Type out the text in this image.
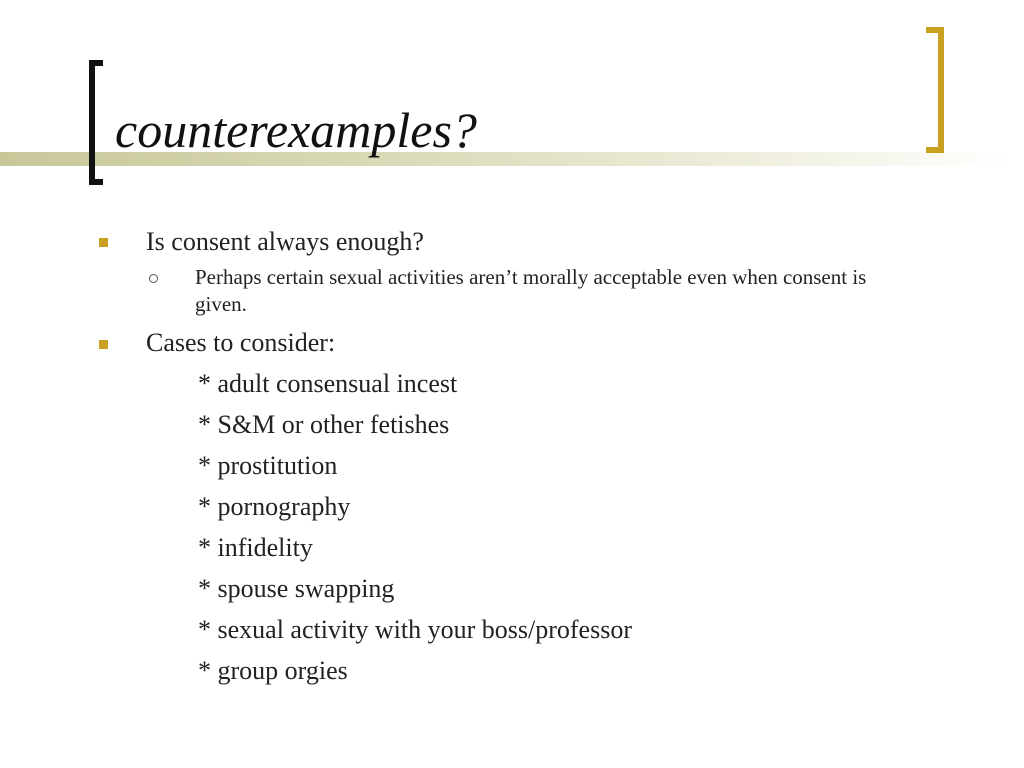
counterexamples?
Is consent always enough?
Perhaps certain sexual activities aren’t morally acceptable even when consent is given.
Cases to consider:
* adult consensual incest
* S&M or other fetishes
* prostitution
* pornography
* infidelity
* spouse swapping
* sexual activity with your boss/professor
* group orgies
